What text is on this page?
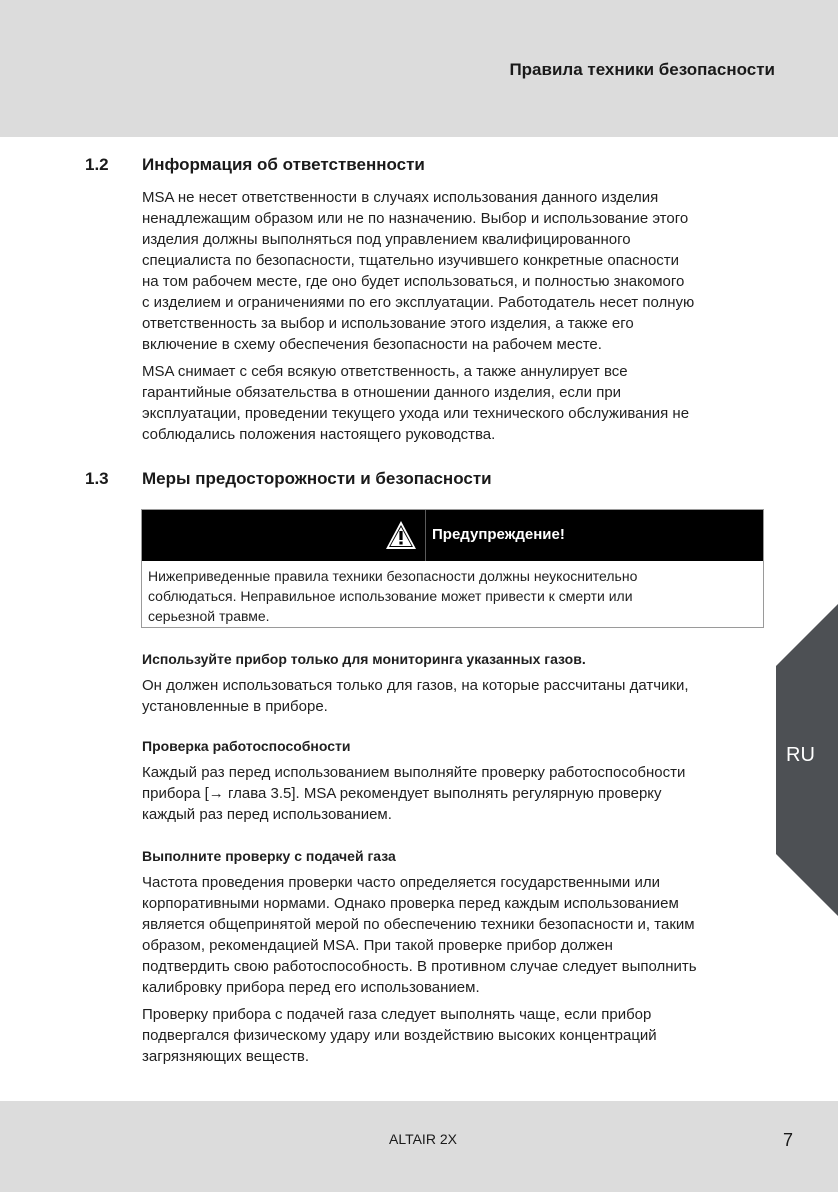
Правила техники безопасности
1.2 Информация об ответственности
MSA не несет ответственности в случаях использования данного изделия
ненадлежащим образом или не по назначению. Выбор и использование этого
изделия должны выполняться под управлением квалифицированного
специалиста по безопасности, тщательно изучившего конкретные опасности
на том рабочем месте, где оно будет использоваться, и полностью знакомого
с изделием и ограничениями по его эксплуатации. Работодатель несет полную
ответственность за выбор и использование этого изделия, а также его
включение в схему обеспечения безопасности на рабочем месте.
MSA снимает с себя всякую ответственность, а также аннулирует все
гарантийные обязательства в отношении данного изделия, если при
эксплуатации, проведении текущего ухода или технического обслуживания не
соблюдались положения настоящего руководства.
1.3 Меры предосторожности и безопасности
Предупреждение!
Нижеприведенные правила техники безопасности должны неукоснительно
соблюдаться. Неправильное использование может привести к смерти или
серьезной травме.
Используйте прибор только для мониторинга указанных газов.
Он должен использоваться только для газов, на которые рассчитаны датчики,
установленные в приборе.
Проверка работоспособности
Каждый раз перед использованием выполняйте проверку работоспособности
прибора [→ глава 3.5]. MSA рекомендует выполнять регулярную проверку
каждый раз перед использованием.
Выполните проверку с подачей газа
Частота проведения проверки часто определяется государственными или
корпоративными нормами. Однако проверка перед каждым использованием
является общепринятой мерой по обеспечению техники безопасности и, таким
образом, рекомендацией MSA. При такой проверке прибор должен
подтвердить свою работоспособность. В противном случае следует выполнить
калибровку прибора перед его использованием.
Проверку прибора с подачей газа следует выполнять чаще, если прибор
подвергался физическому удару или воздействию высоких концентраций
загрязняющих веществ.
RU
ALTAIR 2X	7
